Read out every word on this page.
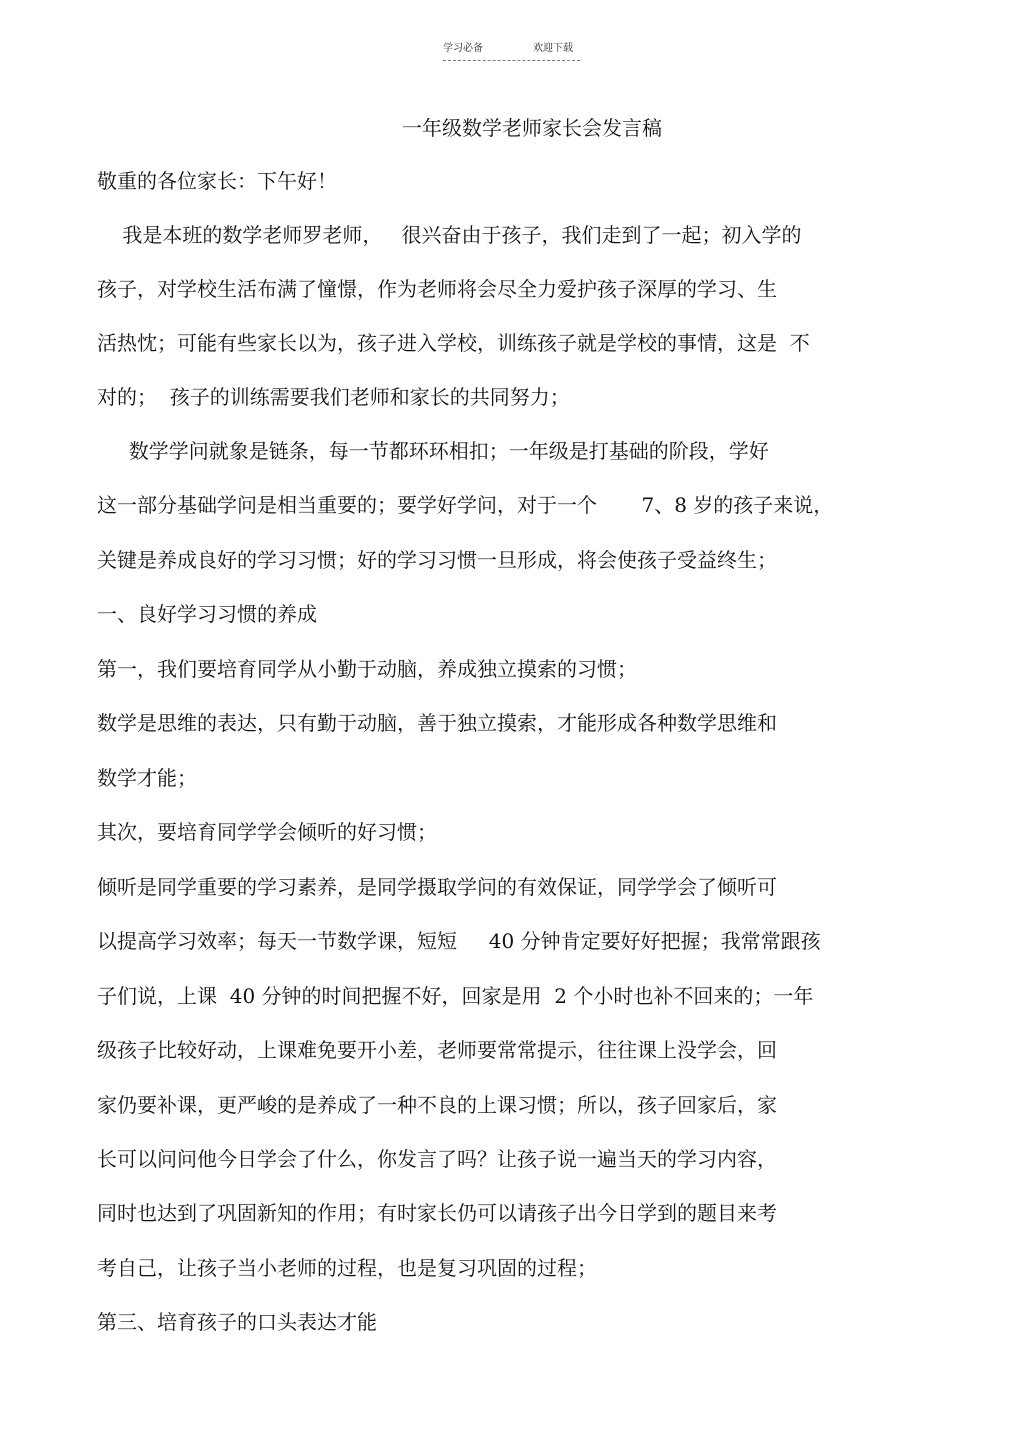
学习必备	欢迎下载
一年级数学老师家长会发言稿
敬重的各位家长：下午好！
我是本班的数学老师罗老师，   很兴奋由于孩子，我们走到了一起；初入学的
孩子，对学校生活布满了憧憬，作为老师将会尽全力爱护孩子深厚的学习、生
活热忱；可能有些家长以为，孩子进入学校，训练孩子就是学校的事情，这是  不
对的；  孩子的训练需要我们老师和家长的共同努力；
数学学问就象是链条，每一节都环环相扣；一年级是打基础的阶段，学好
这一部分基础学问是相当重要的；要学好学问，对于一个       7、8 岁的孩子来说，
关键是养成良好的学习习惯；好的学习习惯一旦形成，将会使孩子受益终生；
一、良好学习习惯的养成
第一，我们要培育同学从小勤于动脑，养成独立摸索的习惯；
数学是思维的表达，只有勤于动脑，善于独立摸索，才能形成各种数学思维和
数学才能；
其次，要培育同学学会倾听的好习惯；
倾听是同学重要的学习素养，是同学摄取学问的有效保证，同学学会了倾听可
以提高学习效率；每天一节数学课，短短     40 分钟肯定要好好把握；我常常跟孩
子们说，上课  40 分钟的时间把握不好，回家是用  2 个小时也补不回来的；一年
级孩子比较好动，上课难免要开小差，老师要常常提示，往往课上没学会，回
家仍要补课，更严峻的是养成了一种不良的上课习惯；所以，孩子回家后，家
长可以问问他今日学会了什么，你发言了吗？让孩子说一遍当天的学习内容，
同时也达到了巩固新知的作用；有时家长仍可以请孩子出今日学到的题目来考
考自己，让孩子当小老师的过程，也是复习巩固的过程；
第三、培育孩子的口头表达才能
